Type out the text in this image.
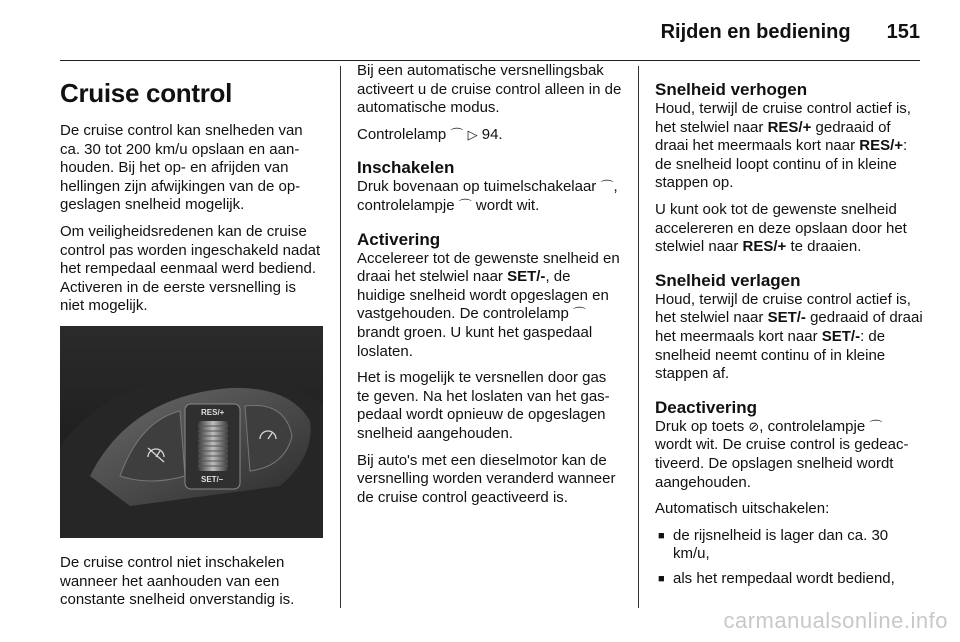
Rijden en bediening 151
Cruise control

De cruise control kan snelheden van ca. 30 tot 200 km/u opslaan en aanhouden. Bij het op- en afrijden van hellingen zijn afwijkingen van de opgeslagen snelheid mogelijk.

Om veiligheidsredenen kan de cruise control pas worden ingeschakeld nadat het rempedaal eenmaal werd bediend. Activeren in de eerste versnelling is niet mogelijk.

RES/+
SET/–

De cruise control niet inschakelen wanneer het aanhouden van een constante snelheid onverstandig is.

Bij een automatische versnellingsbak activeert u de cruise control alleen in de automatische modus.

Controlelamp ⌒ ▷ 94.

Inschakelen

Druk bovenaan op tuimelschakelaar ⌒, controlelampje ⌒ wordt wit.

Activering

Accelereer tot de gewenste snelheid en draai het stelwiel naar SET/-, de huidige snelheid wordt opgeslagen en vastgehouden. De controlelamp ⌒ brandt groen. U kunt het gaspedaal loslaten.

Het is mogelijk te versnellen door gas te geven. Na het loslaten van het gaspedaal wordt opnieuw de opgeslagen snelheid aangehouden.

Bij auto's met een dieselmotor kan de versnelling worden veranderd wanneer de cruise control geactiveerd is.

Snelheid verhogen

Houd, terwijl de cruise control actief is, het stelwiel naar RES/+ gedraaid of draai het meermaals kort naar RES/+: de snelheid loopt continu of in kleine stappen op.

U kunt ook tot de gewenste snelheid accelereren en deze opslaan door het stelwiel naar RES/+ te draaien.

Snelheid verlagen

Houd, terwijl de cruise control actief is, het stelwiel naar SET/- gedraaid of draai het meermaals kort naar SET/-: de snelheid neemt continu of in kleine stappen af.

Deactivering

Druk op toets ⊘, controlelampje ⌒ wordt wit. De cruise control is gedeactiveerd. De opslagen snelheid wordt aangehouden.

Automatisch uitschakelen:

■ de rijsnelheid is lager dan ca. 30 km/u,
■ als het rempedaal wordt bediend,
carmanualsonline.info
